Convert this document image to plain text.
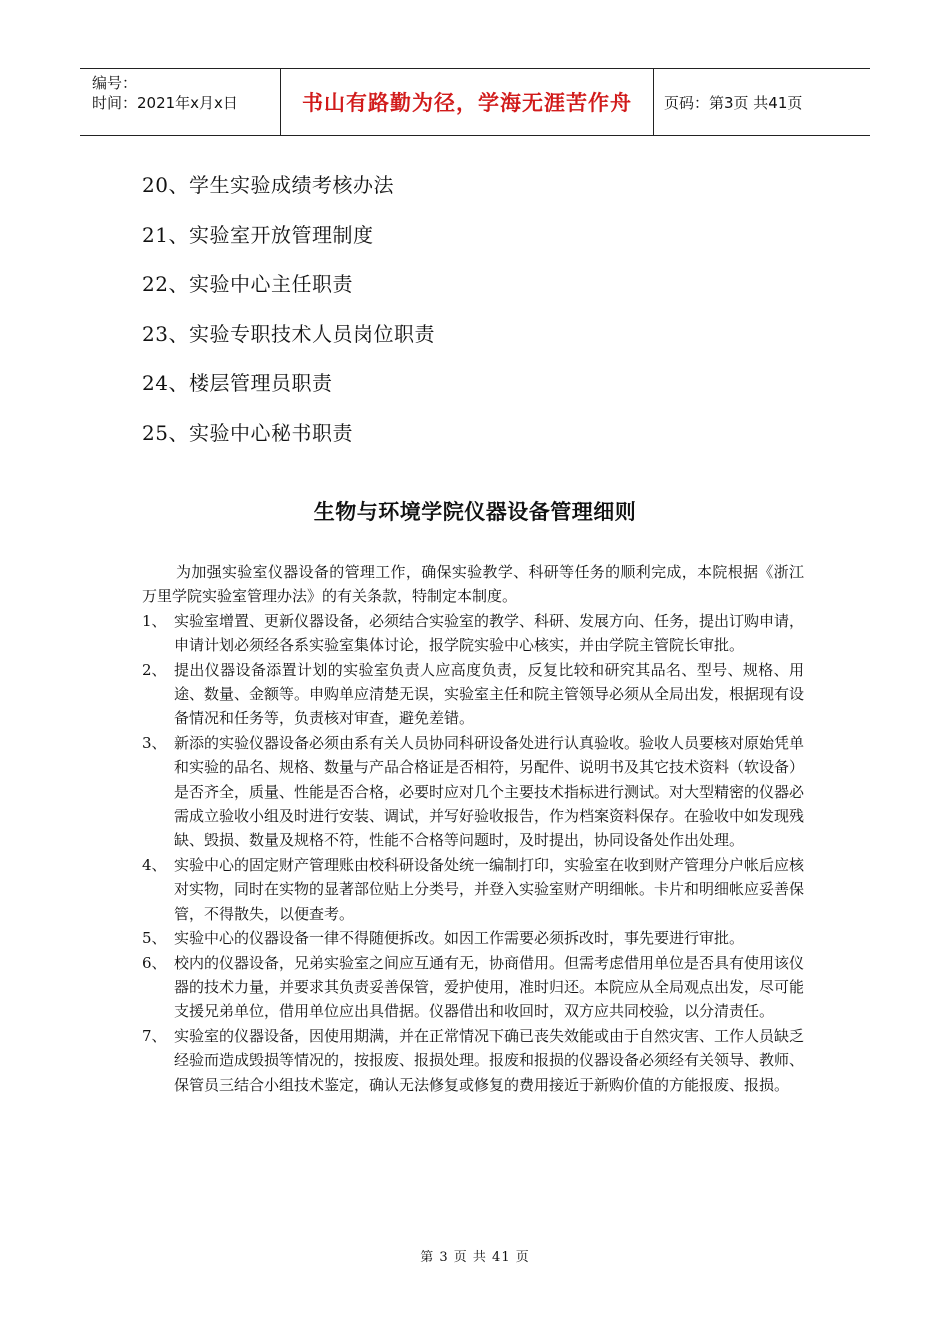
编号：
时间：2021年x月x日	书山有路勤为径，学海无涯苦作舟	页码：第3页 共41页
20、学生实验成绩考核办法
21、实验室开放管理制度
22、实验中心主任职责
23、实验专职技术人员岗位职责
24、楼层管理员职责
25、实验中心秘书职责
生物与环境学院仪器设备管理细则
为加强实验室仪器设备的管理工作，确保实验教学、科研等任务的顺利完成，本院根据《浙江万里学院实验室管理办法》的有关条款，特制定本制度。
1、 实验室增置、更新仪器设备，必须结合实验室的教学、科研、发展方向、任务，提出订购申请，申请计划必须经各系实验室集体讨论，报学院实验中心核实，并由学院主管院长审批。
2、 提出仪器设备添置计划的实验室负责人应高度负责，反复比较和研究其品名、型号、规格、用途、数量、金额等。申购单应清楚无误，实验室主任和院主管领导必须从全局出发，根据现有设备情况和任务等，负责核对审查，避免差错。
3、 新添的实验仪器设备必须由系有关人员协同科研设备处进行认真验收。验收人员要核对原始凭单和实验的品名、规格、数量与产品合格证是否相符，另配件、说明书及其它技术资料（软设备）是否齐全，质量、性能是否合格，必要时应对几个主要技术指标进行测试。对大型精密的仪器必需成立验收小组及时进行安装、调试，并写好验收报告，作为档案资料保存。在验收中如发现残缺、毁损、数量及规格不符，性能不合格等问题时，及时提出，协同设备处作出处理。
4、 实验中心的固定财产管理账由校科研设备处统一编制打印，实验室在收到财产管理分户帐后应核对实物，同时在实物的显著部位贴上分类号，并登入实验室财产明细帐。卡片和明细帐应妥善保管，不得散失，以便查考。
5、 实验中心的仪器设备一律不得随便拆改。如因工作需要必须拆改时，事先要进行审批。
6、 校内的仪器设备，兄弟实验室之间应互通有无，协商借用。但需考虑借用单位是否具有使用该仪器的技术力量，并要求其负责妥善保管，爱护使用，准时归还。本院应从全局观点出发，尽可能支援兄弟单位，借用单位应出具借据。仪器借出和收回时，双方应共同校验，以分清责任。
7、 实验室的仪器设备，因使用期满，并在正常情况下确已丧失效能或由于自然灾害、工作人员缺乏经验而造成毁损等情况的，按报废、报损处理。报废和报损的仪器设备必须经有关领导、教师、保管员三结合小组技术鉴定，确认无法修复或修复的费用接近于新购价值的方能报废、报损。
第 3 页 共 41 页
